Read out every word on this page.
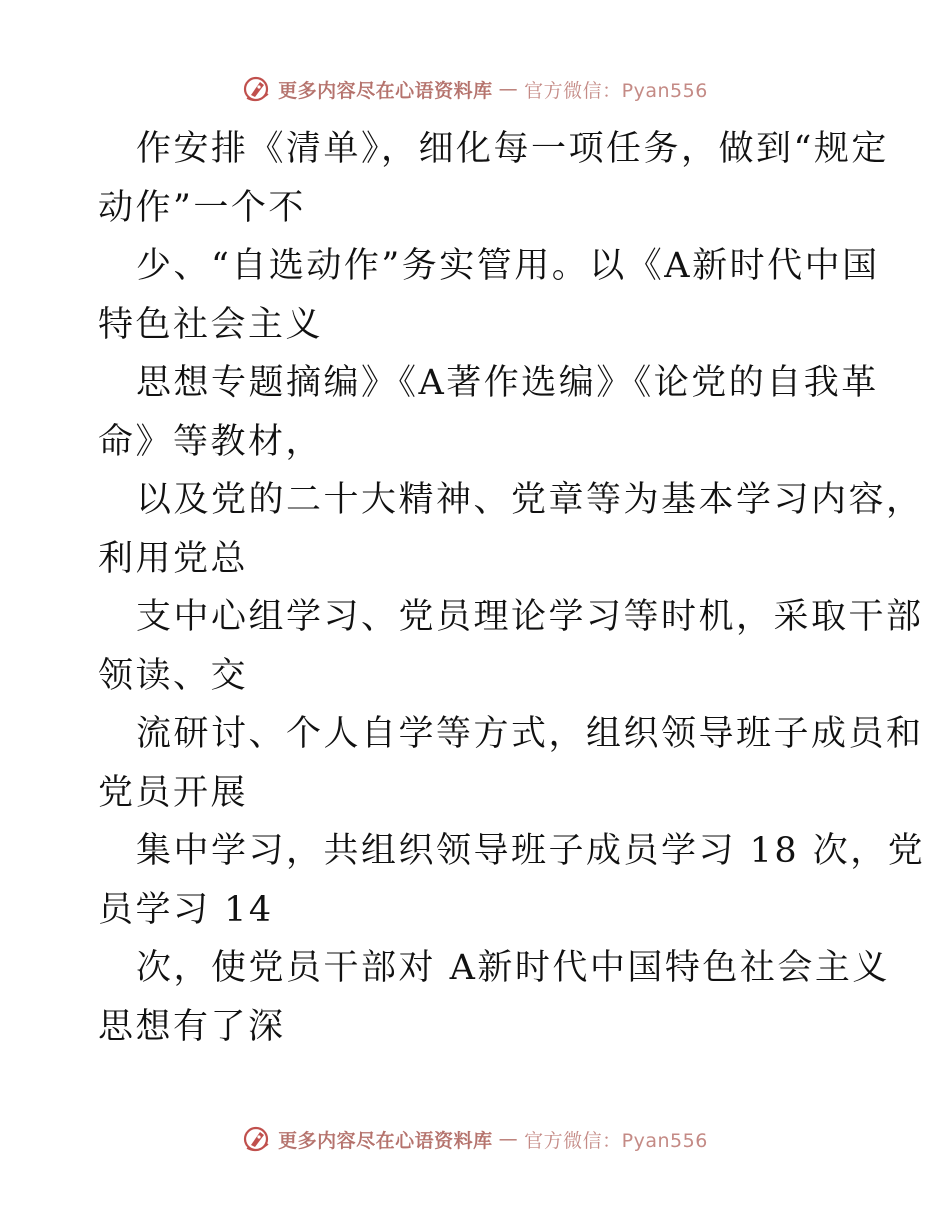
更多内容尽在心语资料库 — 官方微信：Pyan556
作安排《清单》，细化每一项任务，做到“规定
动作”一个不
少、“自选动作”务实管用。以《A新时代中国
特色社会主义
思想专题摘编》《A著作选编》《论党的自我革
命》等教材，
以及党的二十大精神、党章等为基本学习内容，
利用党总
支中心组学习、党员理论学习等时机，采取干部
领读、交
流研讨、个人自学等方式，组织领导班子成员和
党员开展
集中学习，共组织领导班子成员学习 18 次，党
员学习 14
次，使党员干部对 A新时代中国特色社会主义
思想有了深
更多内容尽在心语资料库 — 官方微信：Pyan556
